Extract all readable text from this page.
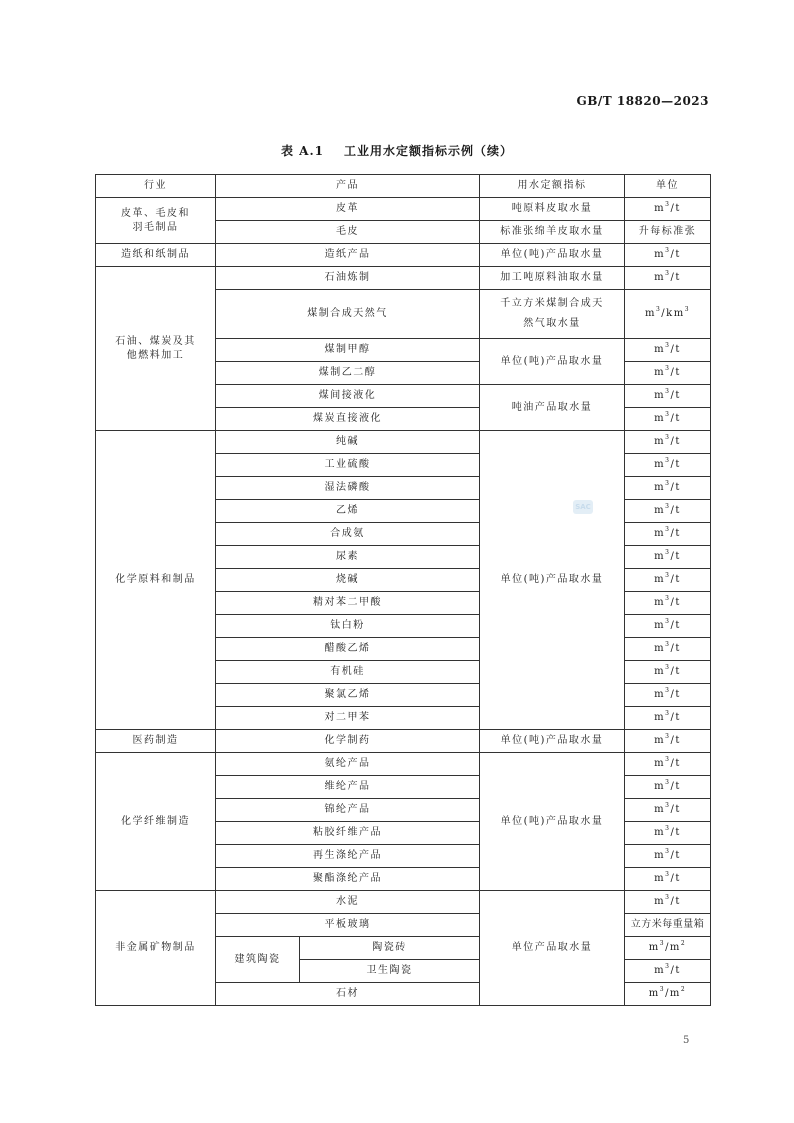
GB/T 18820—2023
表 A.1 工业用水定额指标示例（续）
行业	产品		用水定额指标	单位
皮革、毛皮和羽毛制品	皮革		吨原料皮取水量	$m^3/t$
	毛皮		标准张绵羊皮取水量	升每标准张
造纸和纸制品	造纸产品		单位(吨)产品取水量	$m^3/t$
石油、煤炭及其他燃料加工	石油炼制		加工吨原料油取水量	$m^3/t$
	煤制合成天然气		千立方米煤制合成天然气取水量	$m^3/km^3$
	煤制甲醇		单位(吨)产品取水量	$m^3/t$
	煤制乙二醇			$m^3/t$
	煤间接液化		吨油产品取水量	$m^3/t$
	煤炭直接液化			$m^3/t$
化学原料和制品	纯碱		单位(吨)产品取水量	$m^3/t$
	工业硫酸			$m^3/t$
	湿法磷酸			$m^3/t$
	乙烯			$m^3/t$
	合成氨			$m^3/t$
	尿素			$m^3/t$
	烧碱			$m^3/t$
	精对苯二甲酸			$m^3/t$
	钛白粉			$m^3/t$
	醋酸乙烯			$m^3/t$
	有机硅			$m^3/t$
	聚氯乙烯			$m^3/t$
	对二甲苯			$m^3/t$
医药制造	化学制药		单位(吨)产品取水量	$m^3/t$
化学纤维制造	氨纶产品		单位(吨)产品取水量	$m^3/t$
	维纶产品			$m^3/t$
	锦纶产品			$m^3/t$
	粘胶纤维产品			$m^3/t$
	再生涤纶产品			$m^3/t$
	聚酯涤纶产品			$m^3/t$
非金属矿物制品	水泥		单位产品取水量	$m^3/t$
	平板玻璃			立方米每重量箱
	建筑陶瓷	陶瓷砖		$m^3/m^2$
		卫生陶瓷		$m^3/t$
	石材			$m^3/m^2$
SAC
5
